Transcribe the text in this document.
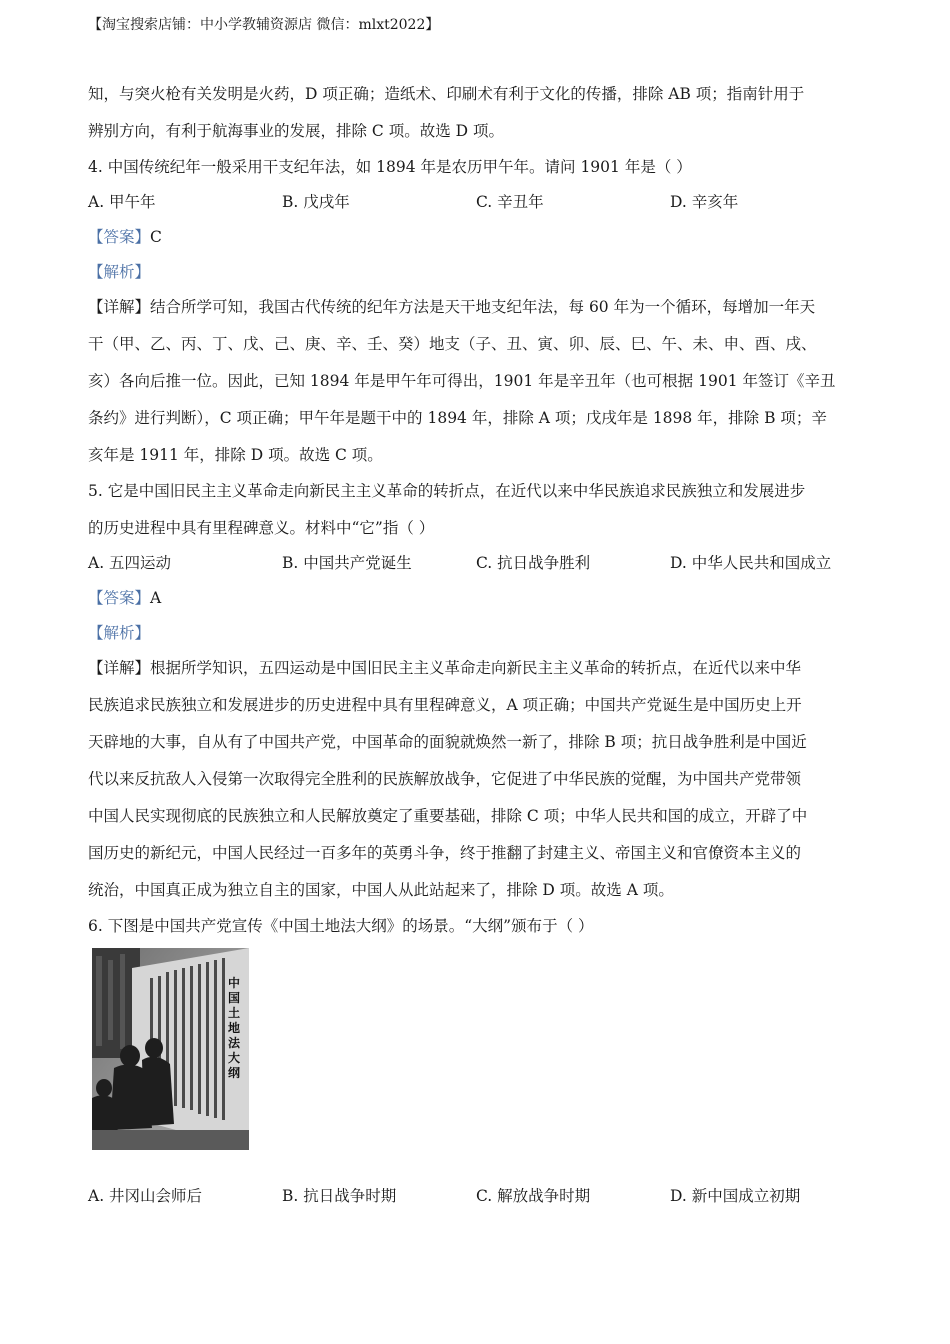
【淘宝搜索店铺：中小学教辅资源店 微信：mlxt2022】
知，与突火枪有关发明是火药，D 项正确；造纸术、印刷术有利于文化的传播，排除 AB 项；指南针用于
辨别方向，有利于航海事业的发展，排除 C 项。故选 D 项。
4. 中国传统纪年一般采用干支纪年法，如 1894 年是农历甲午年。请问 1901 年是（ ）
A. 甲午年	B. 戊戌年	C. 辛丑年	D. 辛亥年
【答案】C
【解析】
【详解】结合所学可知，我国古代传统的纪年方法是天干地支纪年法，每 60 年为一个循环，每增加一年天
干（甲、乙、丙、丁、戊、己、庚、辛、壬、癸）地支（子、丑、寅、卯、辰、巳、午、未、申、酉、戌、
亥）各向后推一位。因此，已知 1894 年是甲午年可得出，1901 年是辛丑年（也可根据 1901 年签订《辛丑
条约》进行判断），C 项正确；甲午年是题干中的 1894 年，排除 A 项；戊戌年是 1898 年，排除 B 项；辛
亥年是 1911 年，排除 D 项。故选 C 项。
5. 它是中国旧民主主义革命走向新民主主义革命的转折点，在近代以来中华民族追求民族独立和发展进步
的历史进程中具有里程碑意义。材料中“它”指（ ）
A. 五四运动	B. 中国共产党诞生	C. 抗日战争胜利	D. 中华人民共和国成立
【答案】A
【解析】
【详解】根据所学知识，五四运动是中国旧民主主义革命走向新民主主义革命的转折点，在近代以来中华
民族追求民族独立和发展进步的历史进程中具有里程碑意义，A 项正确；中国共产党诞生是中国历史上开
天辟地的大事，自从有了中国共产党，中国革命的面貌就焕然一新了，排除 B 项；抗日战争胜利是中国近
代以来反抗敌人入侵第一次取得完全胜利的民族解放战争，它促进了中华民族的觉醒，为中国共产党带领
中国人民实现彻底的民族独立和人民解放奠定了重要基础，排除 C 项；中华人民共和国的成立，开辟了中
国历史的新纪元，中国人民经过一百多年的英勇斗争，终于推翻了封建主义、帝国主义和官僚资本主义的
统治，中国真正成为独立自主的国家，中国人从此站起来了，排除 D 项。故选 A 项。
6. 下图是中国共产党宣传《中国土地法大纲》的场景。“大纲”颁布于（ ）
中国土地法大纲
A. 井冈山会师后	B. 抗日战争时期	C. 解放战争时期	D. 新中国成立初期
